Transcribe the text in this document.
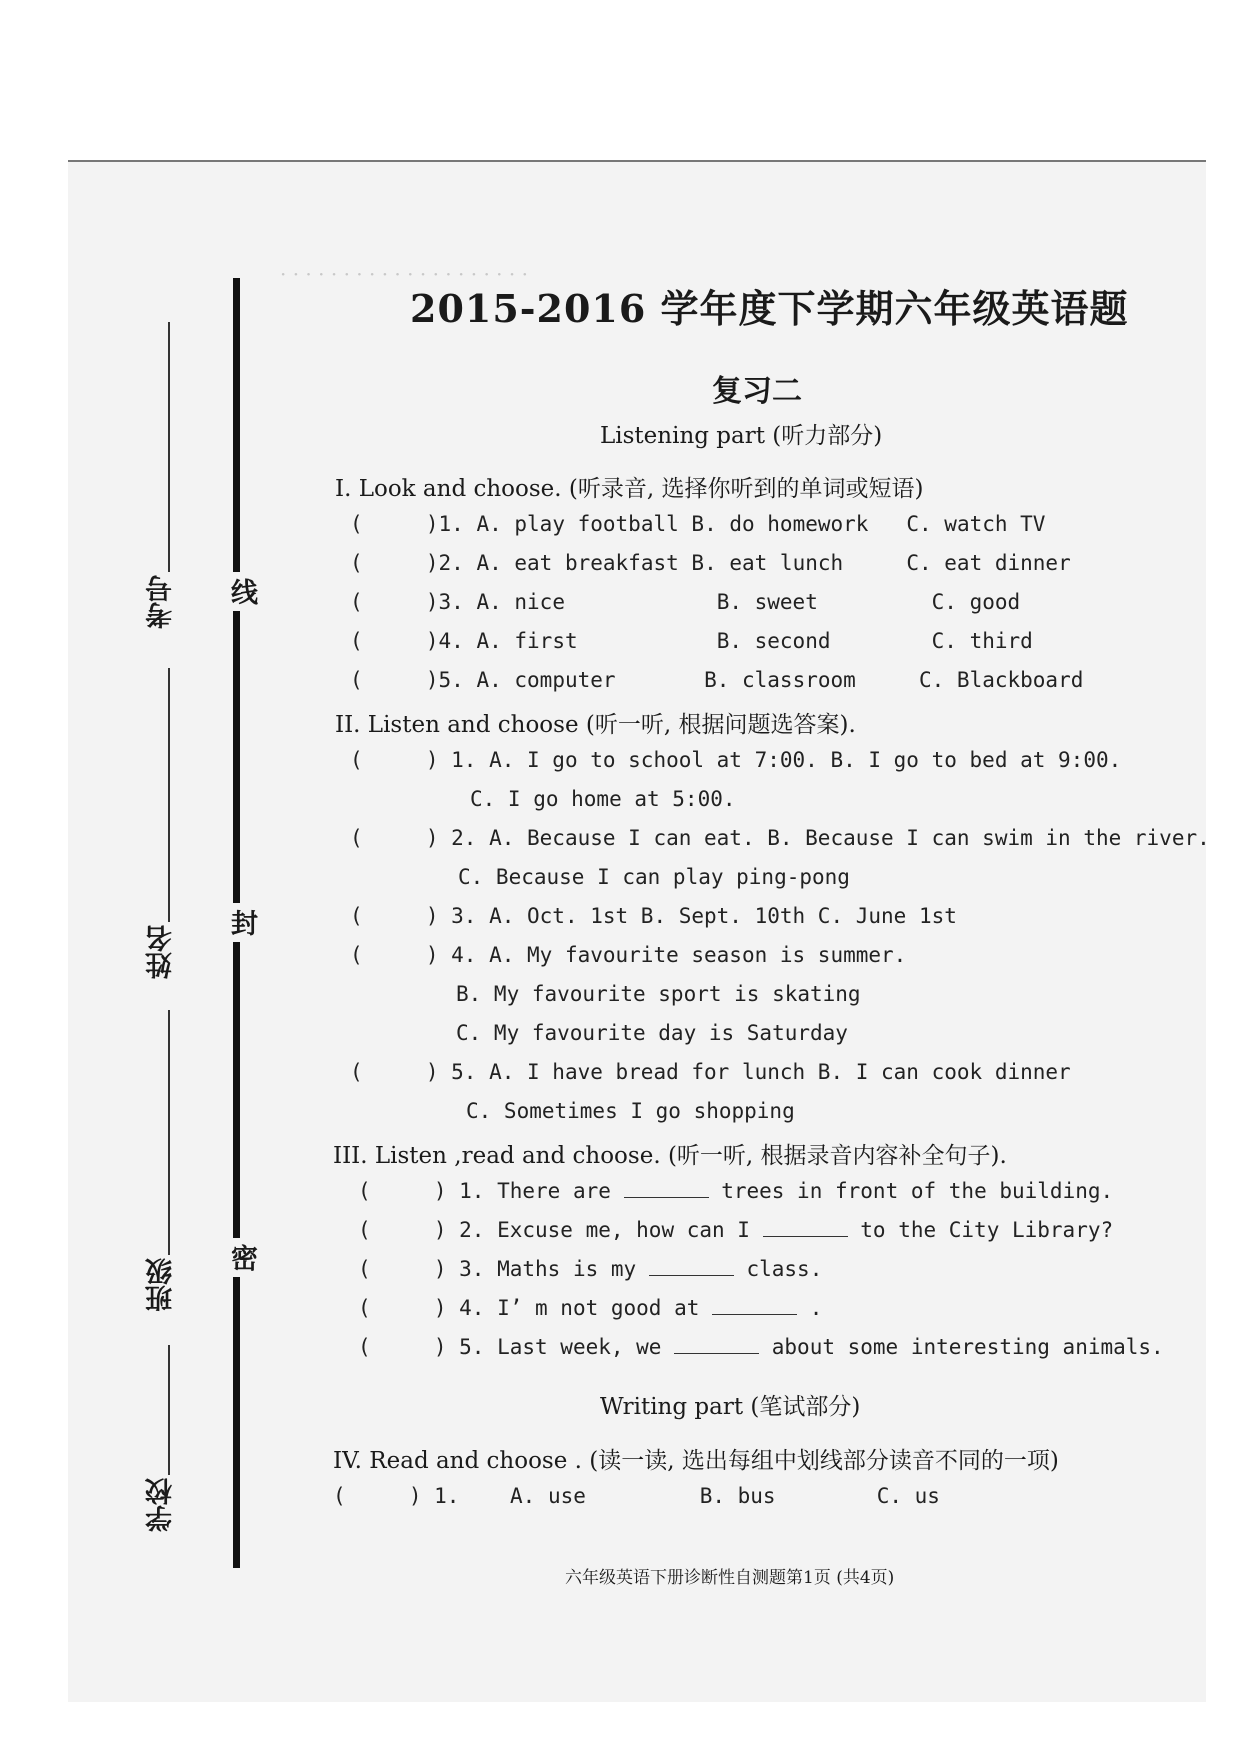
· · · · · · · · · · · · · · · · · · · ·
线
封
密
考号
姓名
班级
学校
2015-2016 学年度下学期六年级英语题
复习二
Listening part (听力部分)
I. Look and choose. (听录音, 选择你听到的单词或短语)
(	)1. A. play football B. do homework C. watch TV
(	)2. A. eat breakfast B. eat lunch	C. eat dinner
(	)3. A. nice	B. sweet	C. good
(	)4. A. first	B. second	C. third
(	)5. A. computer	B. classroom	C. Blackboard
II. Listen and choose (听一听, 根据问题选答案).
(	) 1. A. I go to school at 7:00. B. I go to bed at 9:00.
C. I go home at 5:00.
(	) 2. A. Because I can eat. B. Because I can swim in the river.
C. Because I can play ping-pong
(	) 3. A. Oct. 1st B. Sept. 10th C. June 1st
(	) 4. A. My favourite season is summer.
B. My favourite sport is skating
C. My favourite day is Saturday
(	) 5. A. I have bread for lunch B. I can cook dinner
C. Sometimes I go shopping
III. Listen ,read and choose. (听一听, 根据录音内容补全句子).
(	) 1. There are	trees in front of the building.
(	) 2. Excuse me, how can I	to the City Library?
(	) 3. Maths is my	class.
(	) 4. I’ m not good at	.
(	) 5. Last week, we	about some interesting animals.
Writing part (笔试部分)
IV. Read and choose . (读一读, 选出每组中划线部分读音不同的一项)
(	) 1. A. use	B. bus	C. us
六年级英语下册诊断性自测题第1页 (共4页)
